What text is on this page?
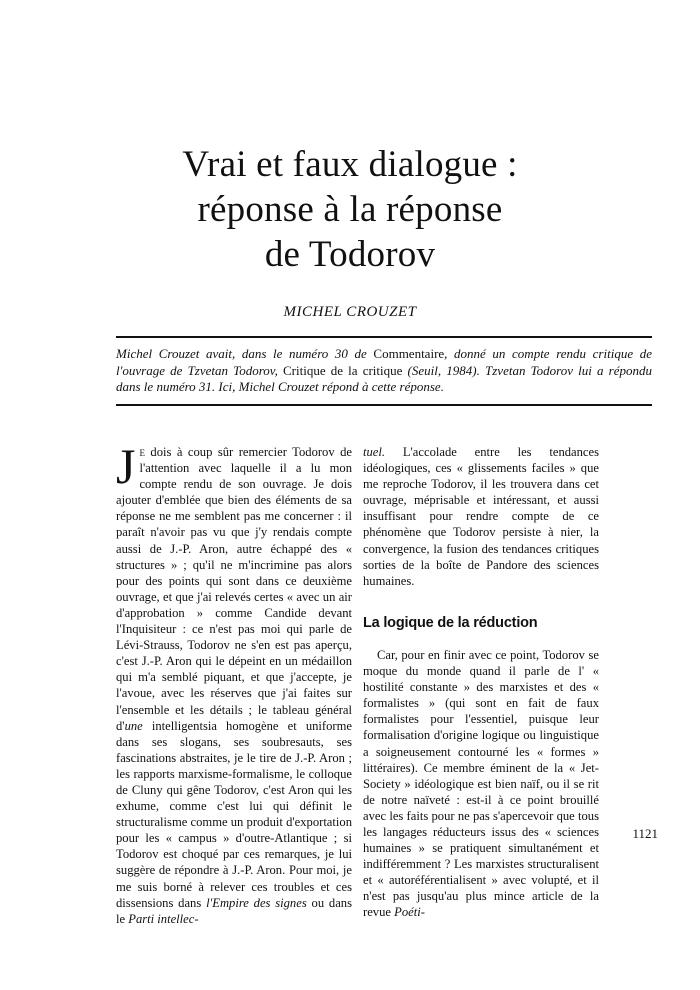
Vrai et faux dialogue :
réponse à la réponse
de Todorov
MICHEL CROUZET
Michel Crouzet avait, dans le numéro 30 de Commentaire, donné un compte rendu critique de l'ouvrage de Tzvetan Todorov, Critique de la critique (Seuil, 1984). Tzvetan Todorov lui a répondu dans le numéro 31. Ici, Michel Crouzet répond à cette réponse.

Je dois à coup sûr remercier Todorov de l'attention avec laquelle il a lu mon compte rendu de son ouvrage. Je dois ajouter d'emblée que bien des éléments de sa réponse ne me semblent pas me concerner : il paraît n'avoir pas vu que j'y rendais compte aussi de J.-P. Aron, autre échappé des « structures » ; qu'il ne m'incrimine pas alors pour des points qui sont dans ce deuxième ouvrage, et que j'ai relevés certes « avec un air d'approbation » comme Candide devant l'Inquisiteur : ce n'est pas moi qui parle de Lévi-Strauss, Todorov ne s'en est pas aperçu, c'est J.-P. Aron qui le dépeint en un médaillon qui m'a semblé piquant, et que j'accepte, je l'avoue, avec les réserves que j'ai faites sur l'ensemble et les détails ; le tableau général d'une intelligentsia homogène et uniforme dans ses slogans, ses soubresauts, ses fascinations abstraites, je le tire de J.-P. Aron ; les rapports marxisme-formalisme, le colloque de Cluny qui gêne Todorov, c'est Aron qui les exhume, comme c'est lui qui définit le structuralisme comme un produit d'exportation pour les « campus » d'outre-Atlantique ; si Todorov est choqué par ces remarques, je lui suggère de répondre à J.-P. Aron. Pour moi, je me suis borné à relever ces troubles et ces dissensions dans l'Empire des signes ou dans le Parti intellec-

tuel. L'accolade entre les tendances idéologiques, ces « glissements faciles » que me reproche Todorov, il les trouvera dans cet ouvrage, méprisable et intéressant, et aussi insuffisant pour rendre compte de ce phénomène que Todorov persiste à nier, la convergence, la fusion des tendances critiques sorties de la boîte de Pandore des sciences humaines.

La logique de la réduction

Car, pour en finir avec ce point, Todorov se moque du monde quand il parle de l' « hostilité constante » des marxistes et des « formalistes » (qui sont en fait de faux formalistes pour l'essentiel, puisque leur formalisation d'origine logique ou linguistique a soigneusement contourné les « formes » littéraires). Ce membre éminent de la « Jet-Society » idéologique est bien naïf, ou il se rit de notre naïveté : est-il à ce point brouillé avec les faits pour ne pas s'apercevoir que tous les langages réducteurs issus des « sciences humaines » se pratiquent simultanément et indifféremment ? Les marxistes structuralisent et « autoréférentialisent » avec volupté, et il n'est pas jusqu'au plus mince article de la revue Poéti-

1121
